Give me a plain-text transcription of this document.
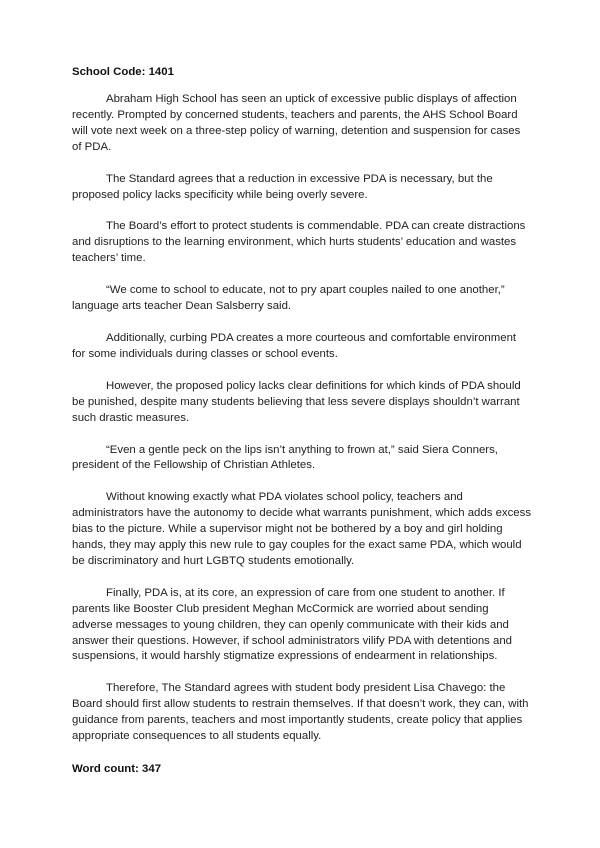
School Code: 1401

Abraham High School has seen an uptick of excessive public displays of affection recently. Prompted by concerned students, teachers and parents, the AHS School Board will vote next week on a three-step policy of warning, detention and suspension for cases of PDA.

The Standard agrees that a reduction in excessive PDA is necessary, but the proposed policy lacks specificity while being overly severe.

The Board’s effort to protect students is commendable. PDA can create distractions and disruptions to the learning environment, which hurts students’ education and wastes teachers’ time.

“We come to school to educate, not to pry apart couples nailed to one another,” language arts teacher Dean Salsberry said.

Additionally, curbing PDA creates a more courteous and comfortable environment for some individuals during classes or school events.

However, the proposed policy lacks clear definitions for which kinds of PDA should be punished, despite many students believing that less severe displays shouldn’t warrant such drastic measures.

“Even a gentle peck on the lips isn’t anything to frown at,” said Siera Conners, president of the Fellowship of Christian Athletes.

Without knowing exactly what PDA violates school policy, teachers and administrators have the autonomy to decide what warrants punishment, which adds excess bias to the picture. While a supervisor might not be bothered by a boy and girl holding hands, they may apply this new rule to gay couples for the exact same PDA, which would be discriminatory and hurt LGBTQ students emotionally.

Finally, PDA is, at its core, an expression of care from one student to another. If parents like Booster Club president Meghan McCormick are worried about sending adverse messages to young children, they can openly communicate with their kids and answer their questions. However, if school administrators vilify PDA with detentions and suspensions, it would harshly stigmatize expressions of endearment in relationships.

Therefore, The Standard agrees with student body president Lisa Chavego: the Board should first allow students to restrain themselves. If that doesn’t work, they can, with guidance from parents, teachers and most importantly students, create policy that applies appropriate consequences to all students equally.

Word count: 347
